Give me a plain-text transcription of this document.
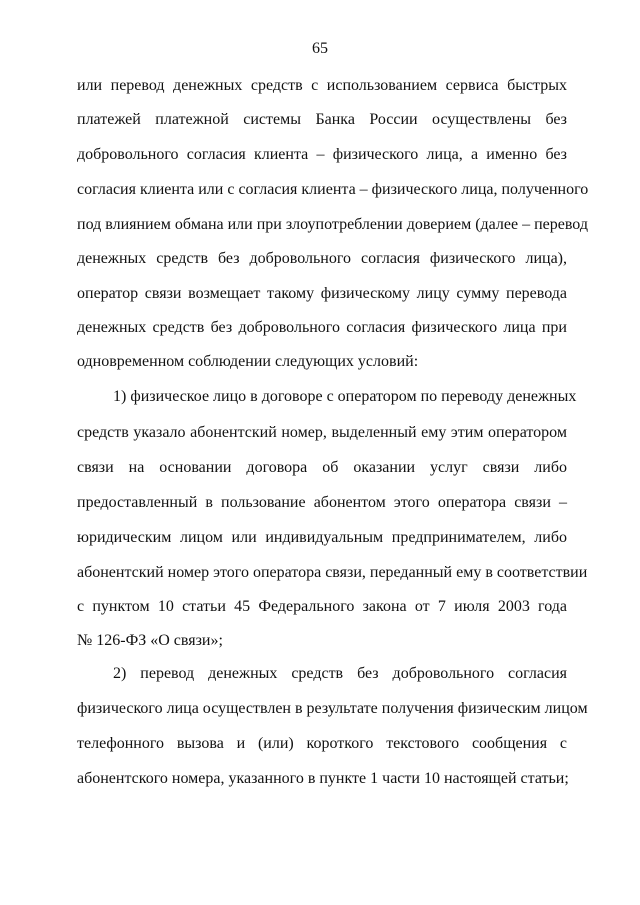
65
или перевод денежных средств с использованием сервиса быстрых
платежей платежной системы Банка России осуществлены без
добровольного согласия клиента – физического лица, а именно без
согласия клиента или с согласия клиента – физического лица, полученного
под влиянием обмана или при злоупотреблении доверием (далее – перевод
денежных средств без добровольного согласия физического лица),
оператор связи возмещает такому физическому лицу сумму перевода
денежных средств без добровольного согласия физического лица при
одновременном соблюдении следующих условий:
1) физическое лицо в договоре с оператором по переводу денежных
средств указало абонентский номер, выделенный ему этим оператором
связи на основании договора об оказании услуг связи либо
предоставленный в пользование абонентом этого оператора связи –
юридическим лицом или индивидуальным предпринимателем, либо
абонентский номер этого оператора связи, переданный ему в соответствии
с пунктом 10 статьи 45 Федерального закона от 7 июля 2003 года
№ 126-ФЗ «О связи»;
2) перевод денежных средств без добровольного согласия
физического лица осуществлен в результате получения физическим лицом
телефонного вызова и (или) короткого текстового сообщения с
абонентского номера, указанного в пункте 1 части 10 настоящей статьи;
